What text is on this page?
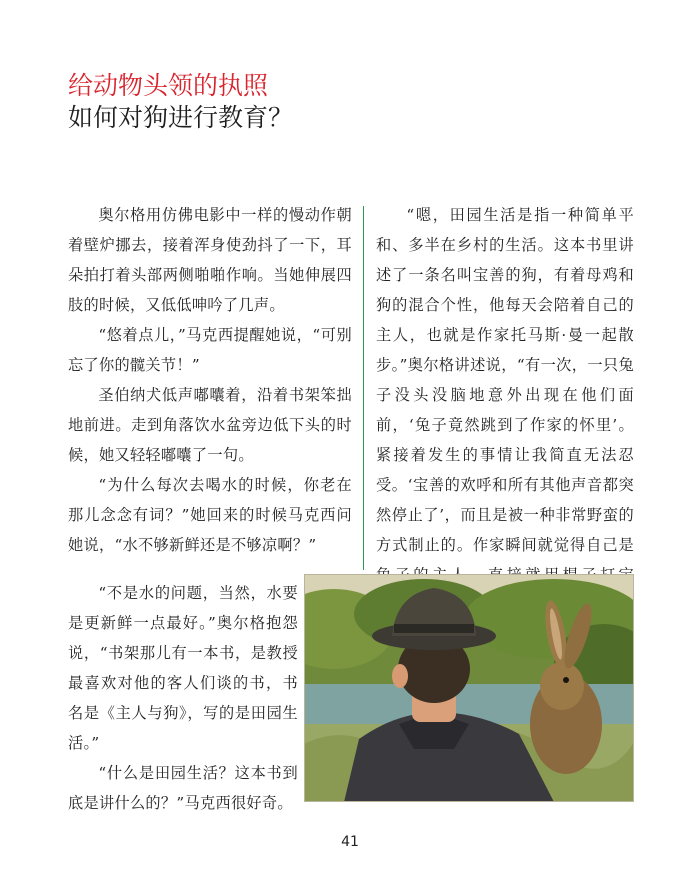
给动物头领的执照
如何对狗进行教育？

奥尔格用仿佛电影中一样的慢动作朝着壁炉挪去，接着浑身使劲抖了一下，耳朵拍打着头部两侧啪啪作响。当她伸展四肢的时候，又低低呻吟了几声。

“悠着点儿，”马克西提醒她说，“可别忘了你的髋关节！”

圣伯纳犬低声嘟囔着，沿着书架笨拙地前进。走到角落饮水盆旁边低下头的时候，她又轻轻嘟囔了一句。

“为什么每次去喝水的时候，你老在那儿念念有词？”她回来的时候马克西问她说，“水不够新鲜还是不够凉啊？”

“不是水的问题，当然，水要是更新鲜一点最好。”奥尔格抱怨说，“书架那儿有一本书，是教授最喜欢对他的客人们谈的书，书名是《主人与狗》，写的是田园生活。”

“什么是田园生活？这本书到底是讲什么的？”马克西很好奇。

“嗯，田园生活是指一种简单平和、多半在乡村的生活。这本书里讲述了一条名叫宝善的狗，有着母鸡和狗的混合个性，他每天会陪着自己的主人，也就是作家托马斯·曼一起散步。”奥尔格讲述说，“有一次，一只兔子没头没脑地意外出现在他们面前，‘兔子竟然跳到了作家的怀里’。紧接着发生的事情让我简直无法忍受。‘宝善的欢呼和所有其他声音都突然停止了’，而且是被一种非常野蛮的方式制止的。作家瞬间就觉得自己是

41
